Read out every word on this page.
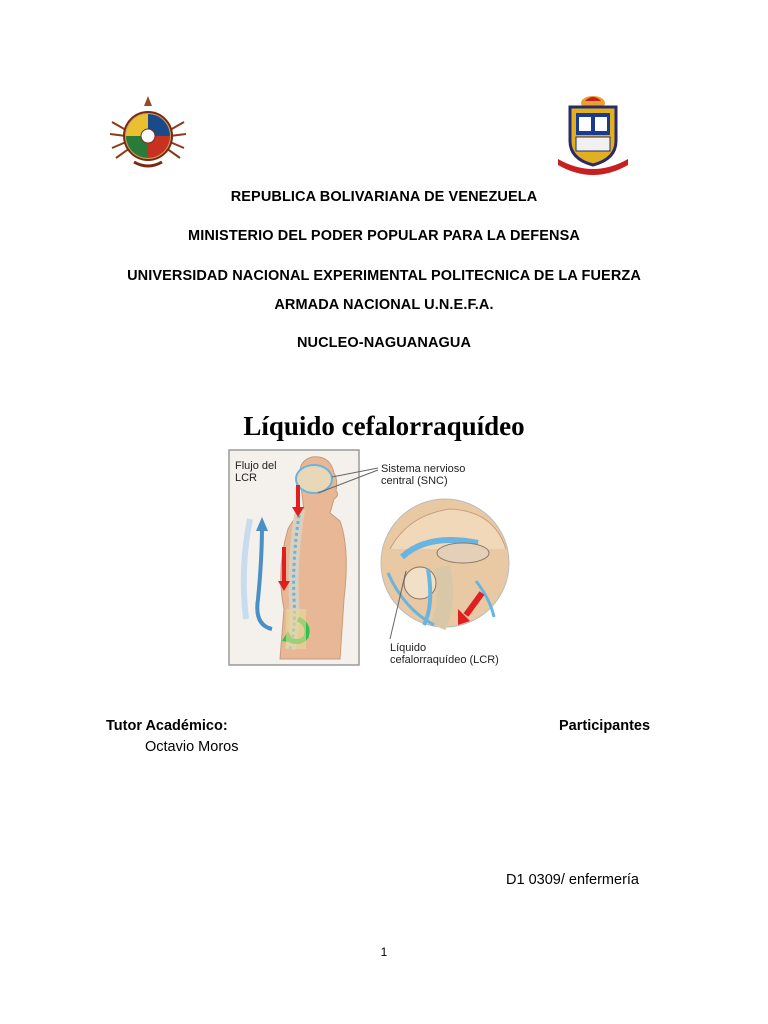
REPUBLICA BOLIVARIANA DE VENEZUELA
MINISTERIO DEL PODER POPULAR PARA LA DEFENSA
UNIVERSIDAD NACIONAL EXPERIMENTAL POLITECNICA DE LA FUERZA
ARMADA NACIONAL U.N.E.F.A.
NUCLEO-NAGUANAGUA
Líquido cefalorraquídeo
Flujo del
LCR
Sistema nervioso
central (SNC)
Líquido
cefalorraquídeo (LCR)
Tutor Académico:
Octavio Moros
Participantes
D1 0309/ enfermería
1
